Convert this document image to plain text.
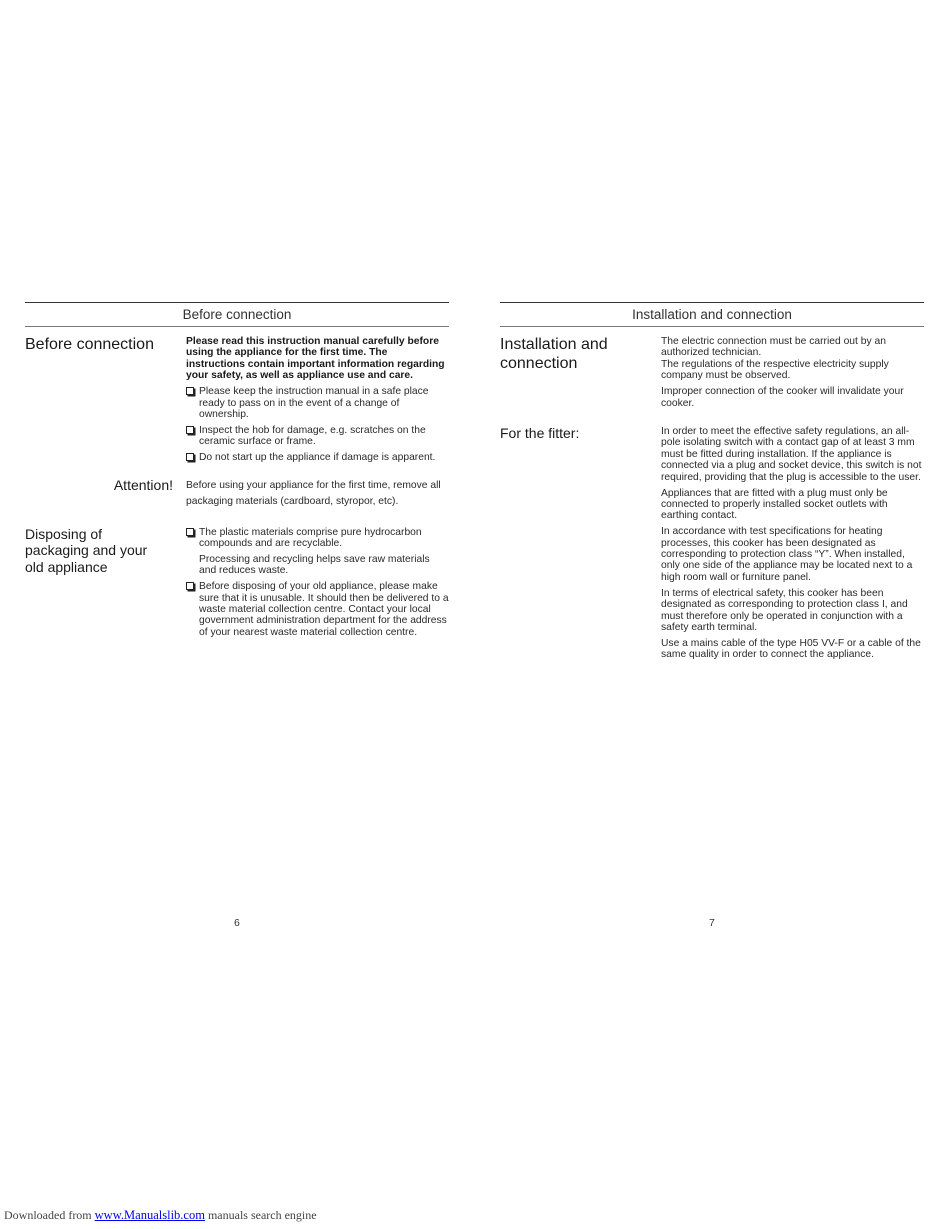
Before connection
Before connection	Please read this instruction manual carefully before using the appliance for the first time. The instructions contain important information regarding your safety, as well as appliance use and care.

Please keep the instruction manual in a safe place ready to pass on in the event of a change of ownership.
Inspect the hob for damage, e.g. scratches on the ceramic surface or frame.
Do not start up the appliance if damage is apparent.
Attention! Before using your appliance for the first time, remove all packaging materials (cardboard, styropor, etc).

Disposing of packaging and your old appliance
The plastic materials comprise pure hydrocarbon compounds and are recyclable.

Processing and recycling helps save raw materials and reduces waste.

Before disposing of your old appliance, please make sure that it is unusable. It should then be delivered to a waste material collection centre. Contact your local government administration department for the address of your nearest waste material collection centre.
6
Installation and connection
Installation and connection

The electric connection must be carried out by an authorized technician.
The regulations of the respective electricity supply company must be observed.

Improper connection of the cooker will invalidate your cooker.

For the fitter:	In order to meet the effective safety regulations, an all-pole isolating switch with a contact gap of at least 3 mm must be fitted during installation. If the appliance is connected via a plug and socket device, this switch is not required, providing that the plug is accessible to the user.

Appliances that are fitted with a plug must only be connected to properly installed socket outlets with earthing contact.

In accordance with test specifications for heating processes, this cooker has been designated as corresponding to protection class “Y”. When installed, only one side of the appliance may be located next to a high room wall or furniture panel.

In terms of electrical safety, this cooker has been designated as corresponding to protection class I, and must therefore only be operated in conjunction with a safety earth terminal.

Use a mains cable of the type H05 VV-F or a cable of the same quality in order to connect the appliance.

7
Downloaded from www.Manualslib.com manuals search engine
